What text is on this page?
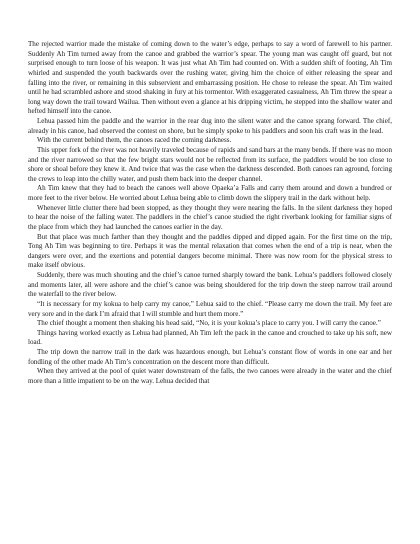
The rejected warrior made the mistake of coming down to the water’s edge, perhaps to say a word of farewell to his partner. Suddenly Ah Tim turned away from the canoe and grabbed the warrior’s spear. The young man was caught off guard, but not surprised enough to turn loose of his weapon. It was just what Ah Tim had counted on. With a sudden shift of footing, Ah Tim whirled and suspended the youth backwards over the rushing water, giving him the choice of either releasing the spear and falling into the river, or remaining in this subservient and embarrassing position. He chose to release the spear. Ah Tim waited until he had scrambled ashore and stood shaking in fury at his tormentor. With exaggerated casualness, Ah Tim threw the spear a long way down the trail toward Wailua. Then without even a glance at his dripping victim, he stepped into the shallow water and hefted himself into the canoe.

Lehua passed him the paddle and the warrior in the rear dug into the silent water and the canoe sprang forward. The chief, already in his canoe, had observed the contest on shore, but he simply spoke to his paddlers and soon his craft was in the lead.

With the current behind them, the canoes raced the coming darkness.

This upper fork of the river was not heavily traveled because of rapids and sand bars at the many bends. If there was no moon and the river narrowed so that the few bright stars would not be reflected from its surface, the paddlers would be too close to shore or shoal before they knew it. And twice that was the case when the darkness descended. Both canoes ran aground, forcing the crews to leap into the chilly water, and push them back into the deeper channel.

Ah Tim knew that they had to beach the canoes well above Opaeka’a Falls and carry them around and down a hundred or more feet to the river below. He worried about Lehua being able to climb down the slippery trail in the dark without help.

Whenever little clutter there had been stopped, as they thought they were nearing the falls. In the silent darkness they hoped to hear the noise of the falling water. The paddlers in the chief’s canoe studied the right riverbank looking for familiar signs of the place from which they had launched the canoes earlier in the day.

But that place was much farther than they thought and the paddles dipped and dipped again. For the first time on the trip, Tong Ah Tim was beginning to tire. Perhaps it was the mental relaxation that comes when the end of a trip is near, when the dangers were over, and the exertions and potential dangers become minimal. There was now room for the physical stress to make itself obvious.

Suddenly, there was much shouting and the chief’s canoe turned sharply toward the bank. Lehua’s paddlers followed closely and moments later, all were ashore and the chief’s canoe was being shouldered for the trip down the steep narrow trail around the waterfall to the river below.

“It is necessary for my kokua to help carry my canoe,” Lehua said to the chief. “Please carry me down the trail. My feet are very sore and in the dark I’m afraid that I will stumble and hurt them more.”

The chief thought a moment then shaking his head said, “No, it is your kokua’s place to carry you. I will carry the canoe.”

Things having worked exactly as Lehua had planned, Ah Tim left the pack in the canoe and crouched to take up his soft, new load.

The trip down the narrow trail in the dark was hazardous enough, but Lehua’s constant flow of words in one ear and her fondling of the other made Ah Tim’s concentration on the descent more than difficult.

When they arrived at the pool of quiet water downstream of the falls, the two canoes were already in the water and the chief more than a little impatient to be on the way. Lehua decided that
